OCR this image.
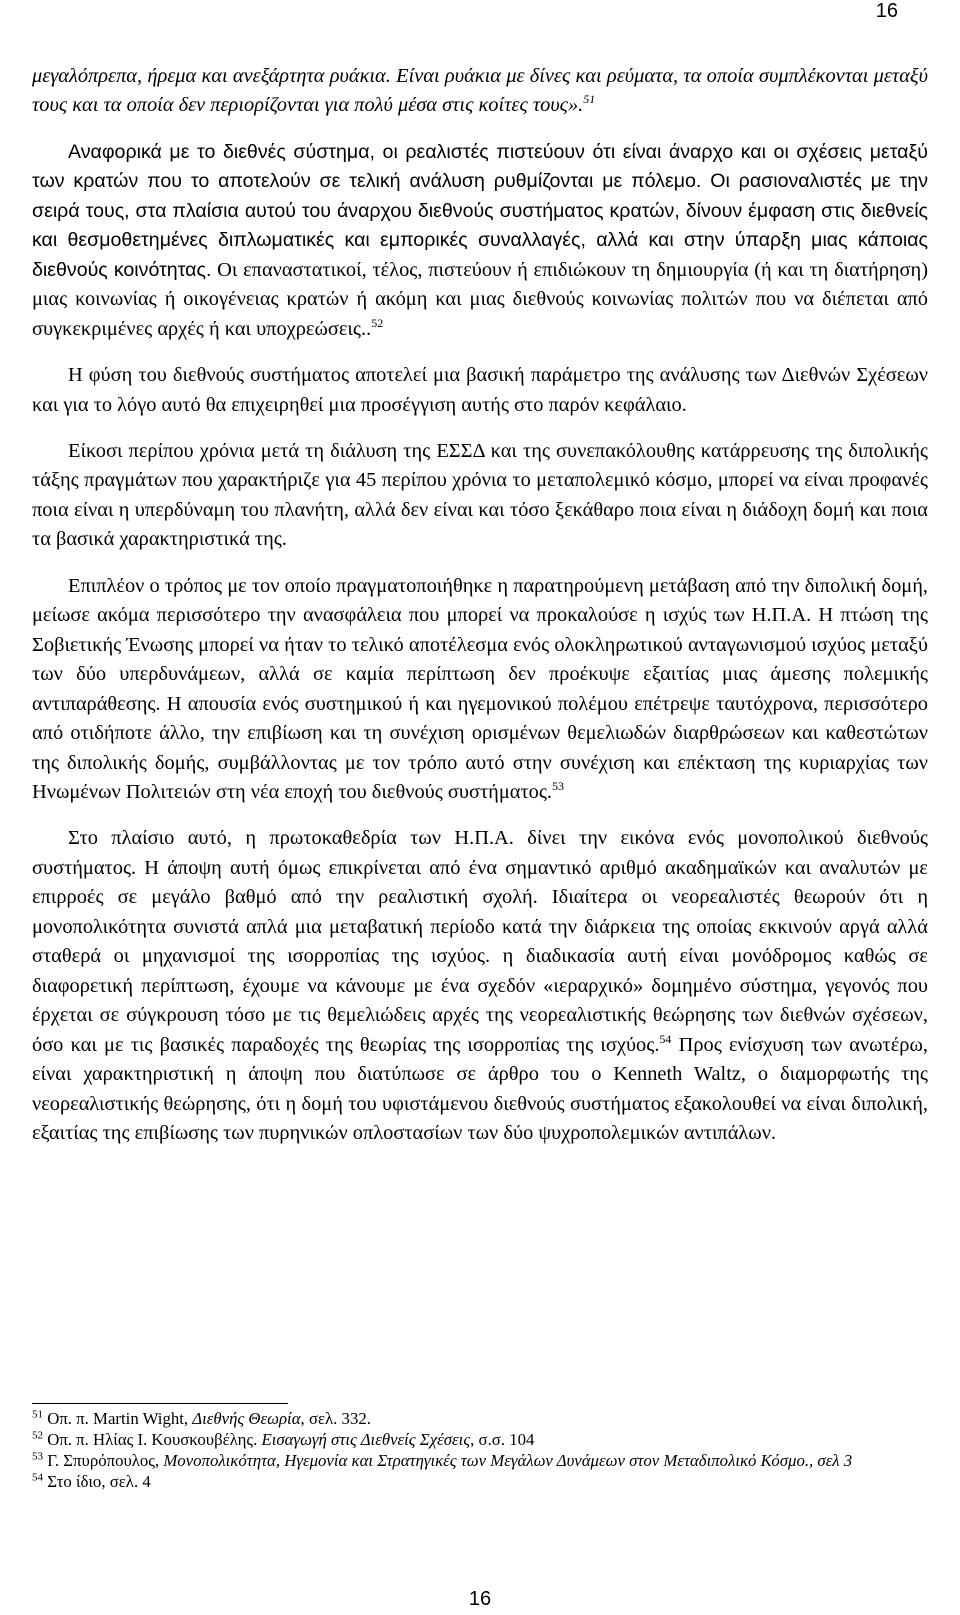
16

μεγαλόπρεπα, ήρεμα και ανεξάρτητα ρυάκια. Είναι ρυάκια με δίνες και ρεύματα, τα οποία συμπλέκονται μεταξύ τους και τα οποία δεν περιορίζονται για πολύ μέσα στις κοίτες τους».$^{51}$

Αναφορικά με το διεθνές σύστημα, οι ρεαλιστές πιστεύουν ότι είναι άναρχο και οι σχέσεις μεταξύ των κρατών που το αποτελούν σε τελική ανάλυση ρυθμίζονται με πόλεμο. Οι ρασιοναλιστές με την σειρά τους, στα πλαίσια αυτού του άναρχου διεθνούς συστήματος κρατών, δίνουν έμφαση στις διεθνείς και θεσμοθετημένες διπλωματικές και εμπορικές συναλλαγές, αλλά και στην ύπαρξη μιας κάποιας διεθνούς κοινότητας. Οι επαναστατικοί, τέλος, πιστεύουν ή επιδιώκουν τη δημιουργία (ή και τη διατήρηση) μιας κοινωνίας ή οικογένειας κρατών ή ακόμη και μιας διεθνούς κοινωνίας πολιτών που να διέπεται από συγκεκριμένες αρχές ή και υποχρεώσεις..$^{52}$

Η φύση του διεθνούς συστήματος αποτελεί μια βασική παράμετρο της ανάλυσης των Διεθνών Σχέσεων και για το λόγο αυτό θα επιχειρηθεί μια προσέγγιση αυτής στο παρόν κεφάλαιο.

Είκοσι περίπου χρόνια μετά τη διάλυση της ΕΣΣΔ και της συνεπακόλουθης κατάρρευσης της διπολικής τάξης πραγμάτων που χαρακτήριζε για 45 περίπου χρόνια το μεταπολεμικό κόσμο, μπορεί να είναι προφανές ποια είναι η υπερδύναμη του πλανήτη, αλλά δεν είναι και τόσο ξεκάθαρο ποια είναι η διάδοχη δομή και ποια τα βασικά χαρακτηριστικά της.

Επιπλέον ο τρόπος με τον οποίο πραγματοποιήθηκε η παρατηρούμενη μετάβαση από την διπολική δομή, μείωσε ακόμα περισσότερο την ανασφάλεια που μπορεί να προκαλούσε η ισχύς των Η.Π.Α. Η πτώση της Σοβιετικής Ένωσης μπορεί να ήταν το τελικό αποτέλεσμα ενός ολοκληρωτικού ανταγωνισμού ισχύος μεταξύ των δύο υπερδυνάμεων, αλλά σε καμία περίπτωση δεν προέκυψε εξαιτίας μιας άμεσης πολεμικής αντιπαράθεσης. Η απουσία ενός συστημικού ή και ηγεμονικού πολέμου επέτρεψε ταυτόχρονα, περισσότερο από οτιδήποτε άλλο, την επιβίωση και τη συνέχιση ορισμένων θεμελιωδών διαρθρώσεων και καθεστώτων της διπολικής δομής, συμβάλλοντας με τον τρόπο αυτό στην συνέχιση και επέκταση της κυριαρχίας των Ηνωμένων Πολιτειών στη νέα εποχή του διεθνούς συστήματος.$^{53}$

Στο πλαίσιο αυτό, η πρωτοκαθεδρία των Η.Π.Α. δίνει την εικόνα ενός μονοπολικού διεθνούς συστήματος. Η άποψη αυτή όμως επικρίνεται από ένα σημαντικό αριθμό ακαδημαϊκών και αναλυτών με επιρροές σε μεγάλο βαθμό από την ρεαλιστική σχολή. Ιδιαίτερα οι νεορεαλιστές θεωρούν ότι η μονοπολικότητα συνιστά απλά μια μεταβατική περίοδο κατά την διάρκεια της οποίας εκκινούν αργά αλλά σταθερά οι μηχανισμοί της ισορροπίας της ισχύος. η διαδικασία αυτή είναι μονόδρομος καθώς σε διαφορετική περίπτωση, έχουμε να κάνουμε με ένα σχεδόν «ιεραρχικό» δομημένο σύστημα, γεγονός που έρχεται σε σύγκρουση τόσο με τις θεμελιώδεις αρχές της νεορεαλιστικής θεώρησης των διεθνών σχέσεων, όσο και με τις βασικές παραδοχές της θεωρίας της ισορροπίας της ισχύος.$^{54}$ Προς ενίσχυση των ανωτέρω, είναι χαρακτηριστική η άποψη που διατύπωσε σε άρθρο του ο Kenneth Waltz, ο διαμορφωτής της νεορεαλιστικής θεώρησης, ότι η δομή του υφιστάμενου διεθνούς συστήματος εξακολουθεί να είναι διπολική, εξαιτίας της επιβίωσης των πυρηνικών οπλοστασίων των δύο ψυχροπολεμικών αντιπάλων.

$^{51}$ Οπ. π. Martin Wight, Διεθνής Θεωρία, σελ. 332.

$^{52}$ Οπ. π. Ηλίας Ι. Κουσκουβέλης. Εισαγωγή στις Διεθνείς Σχέσεις, σ.σ. 104

$^{53}$ Γ. Σπυρόπουλος, Μονοπολικότητα, Ηγεμονία και Στρατηγικές των Μεγάλων Δυνάμεων στον Μεταδιπολικό Κόσμο., σελ 3

$^{54}$ Στο ίδιο, σελ. 4

16
